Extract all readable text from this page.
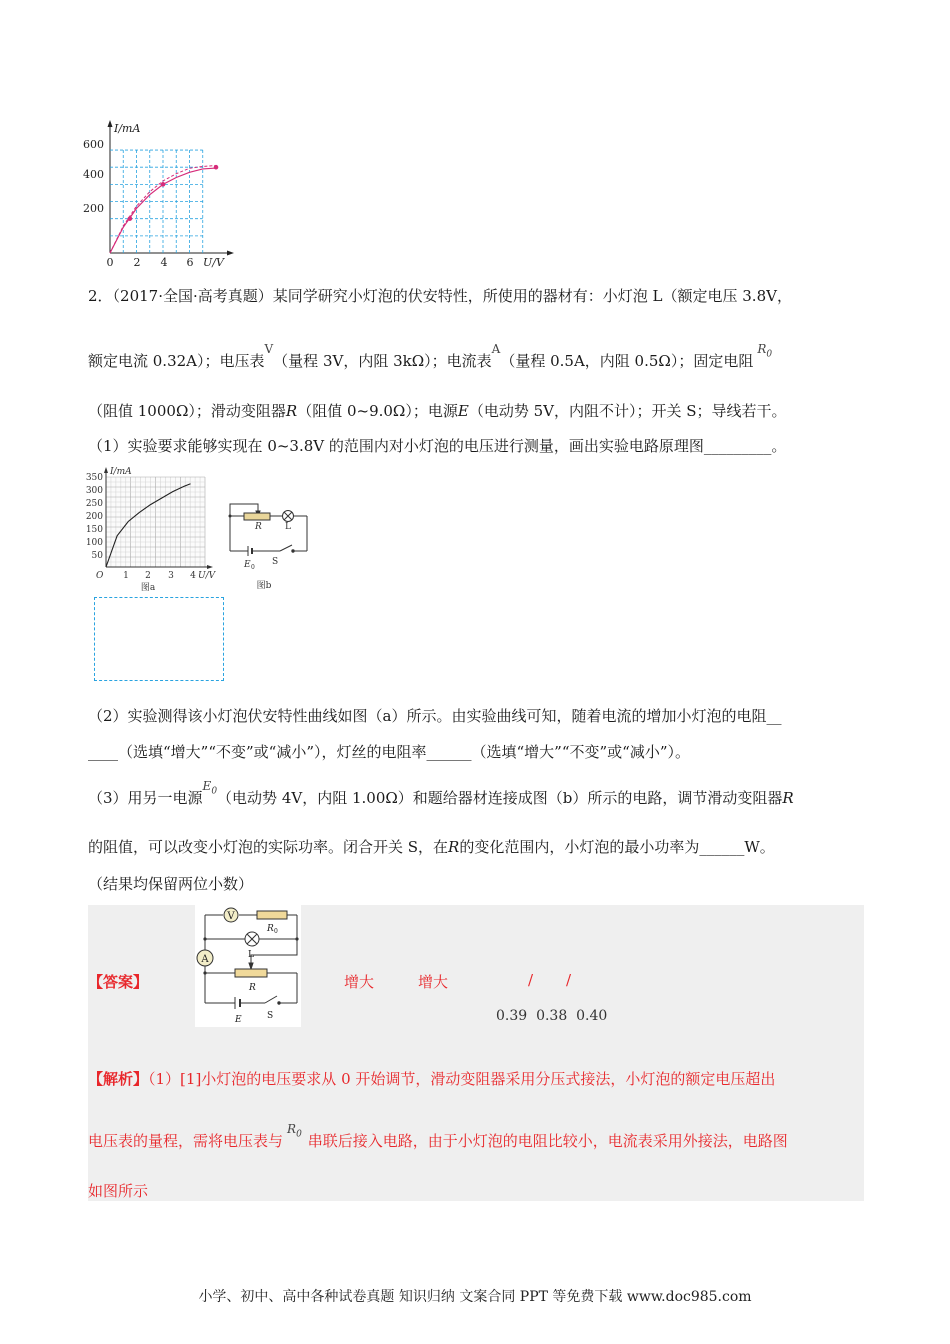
I/mA
600
400
200
0 2 4 6 U/V
2．（2017·全国·高考真题）某同学研究小灯泡的伏安特性，所使用的器材有：小灯泡 L（额定电压 3.8V，
额定电流 0.32A）；电压表$^V$（量程 3V，内阻 3kΩ）；电流表$^A$（量程 0.5A，内阻 0.5Ω）；固定电阻$^{R_0}$
（阻值 1000Ω）；滑动变阻器R（阻值 0~9.0Ω）；电源E（电动势 5V，内阻不计）；开关 S；导线若干。
（1）实验要求能够实现在 0~3.8V 的范围内对小灯泡的电压进行测量，画出实验电路原理图_________。
I/mA
350
300
250
200
150
100
50
O 1 2 3 4 U/V
图a
R	L
E 0
S
图b
（2）实验测得该小灯泡伏安特性曲线如图（a）所示。由实验曲线可知，随着电流的增加小灯泡的电阻__
____（选填“增大”“不变”或“减小”），灯丝的电阻率______（选填“增大”“不变”或“减小”）。
（3）用另一电源$^{E_0}$（电动势 4V，内阻 1.00Ω）和题给器材连接成图（b）所示的电路，调节滑动变阻器R
的阻值，可以改变小灯泡的实际功率。闭合开关 S，在R的变化范围内，小灯泡的最小功率为______W。
（结果均保留两位小数）
【答案】
V
R 0
L
A
R
E	S
增大	增大	/ /
0.39  0.38  0.40
【解析】（1）[1]小灯泡的电压要求从 0 开始调节，滑动变阻器采用分压式接法，小灯泡的额定电压超出
电压表的量程，需将电压表与$^{R_0}$ 串联后接入电路，由于小灯泡的电阻比较小，电流表采用外接法，电路图
如图所示
小学、初中、高中各种试卷真题 知识归纳 文案合同 PPT 等免费下载 www.doc985.com
